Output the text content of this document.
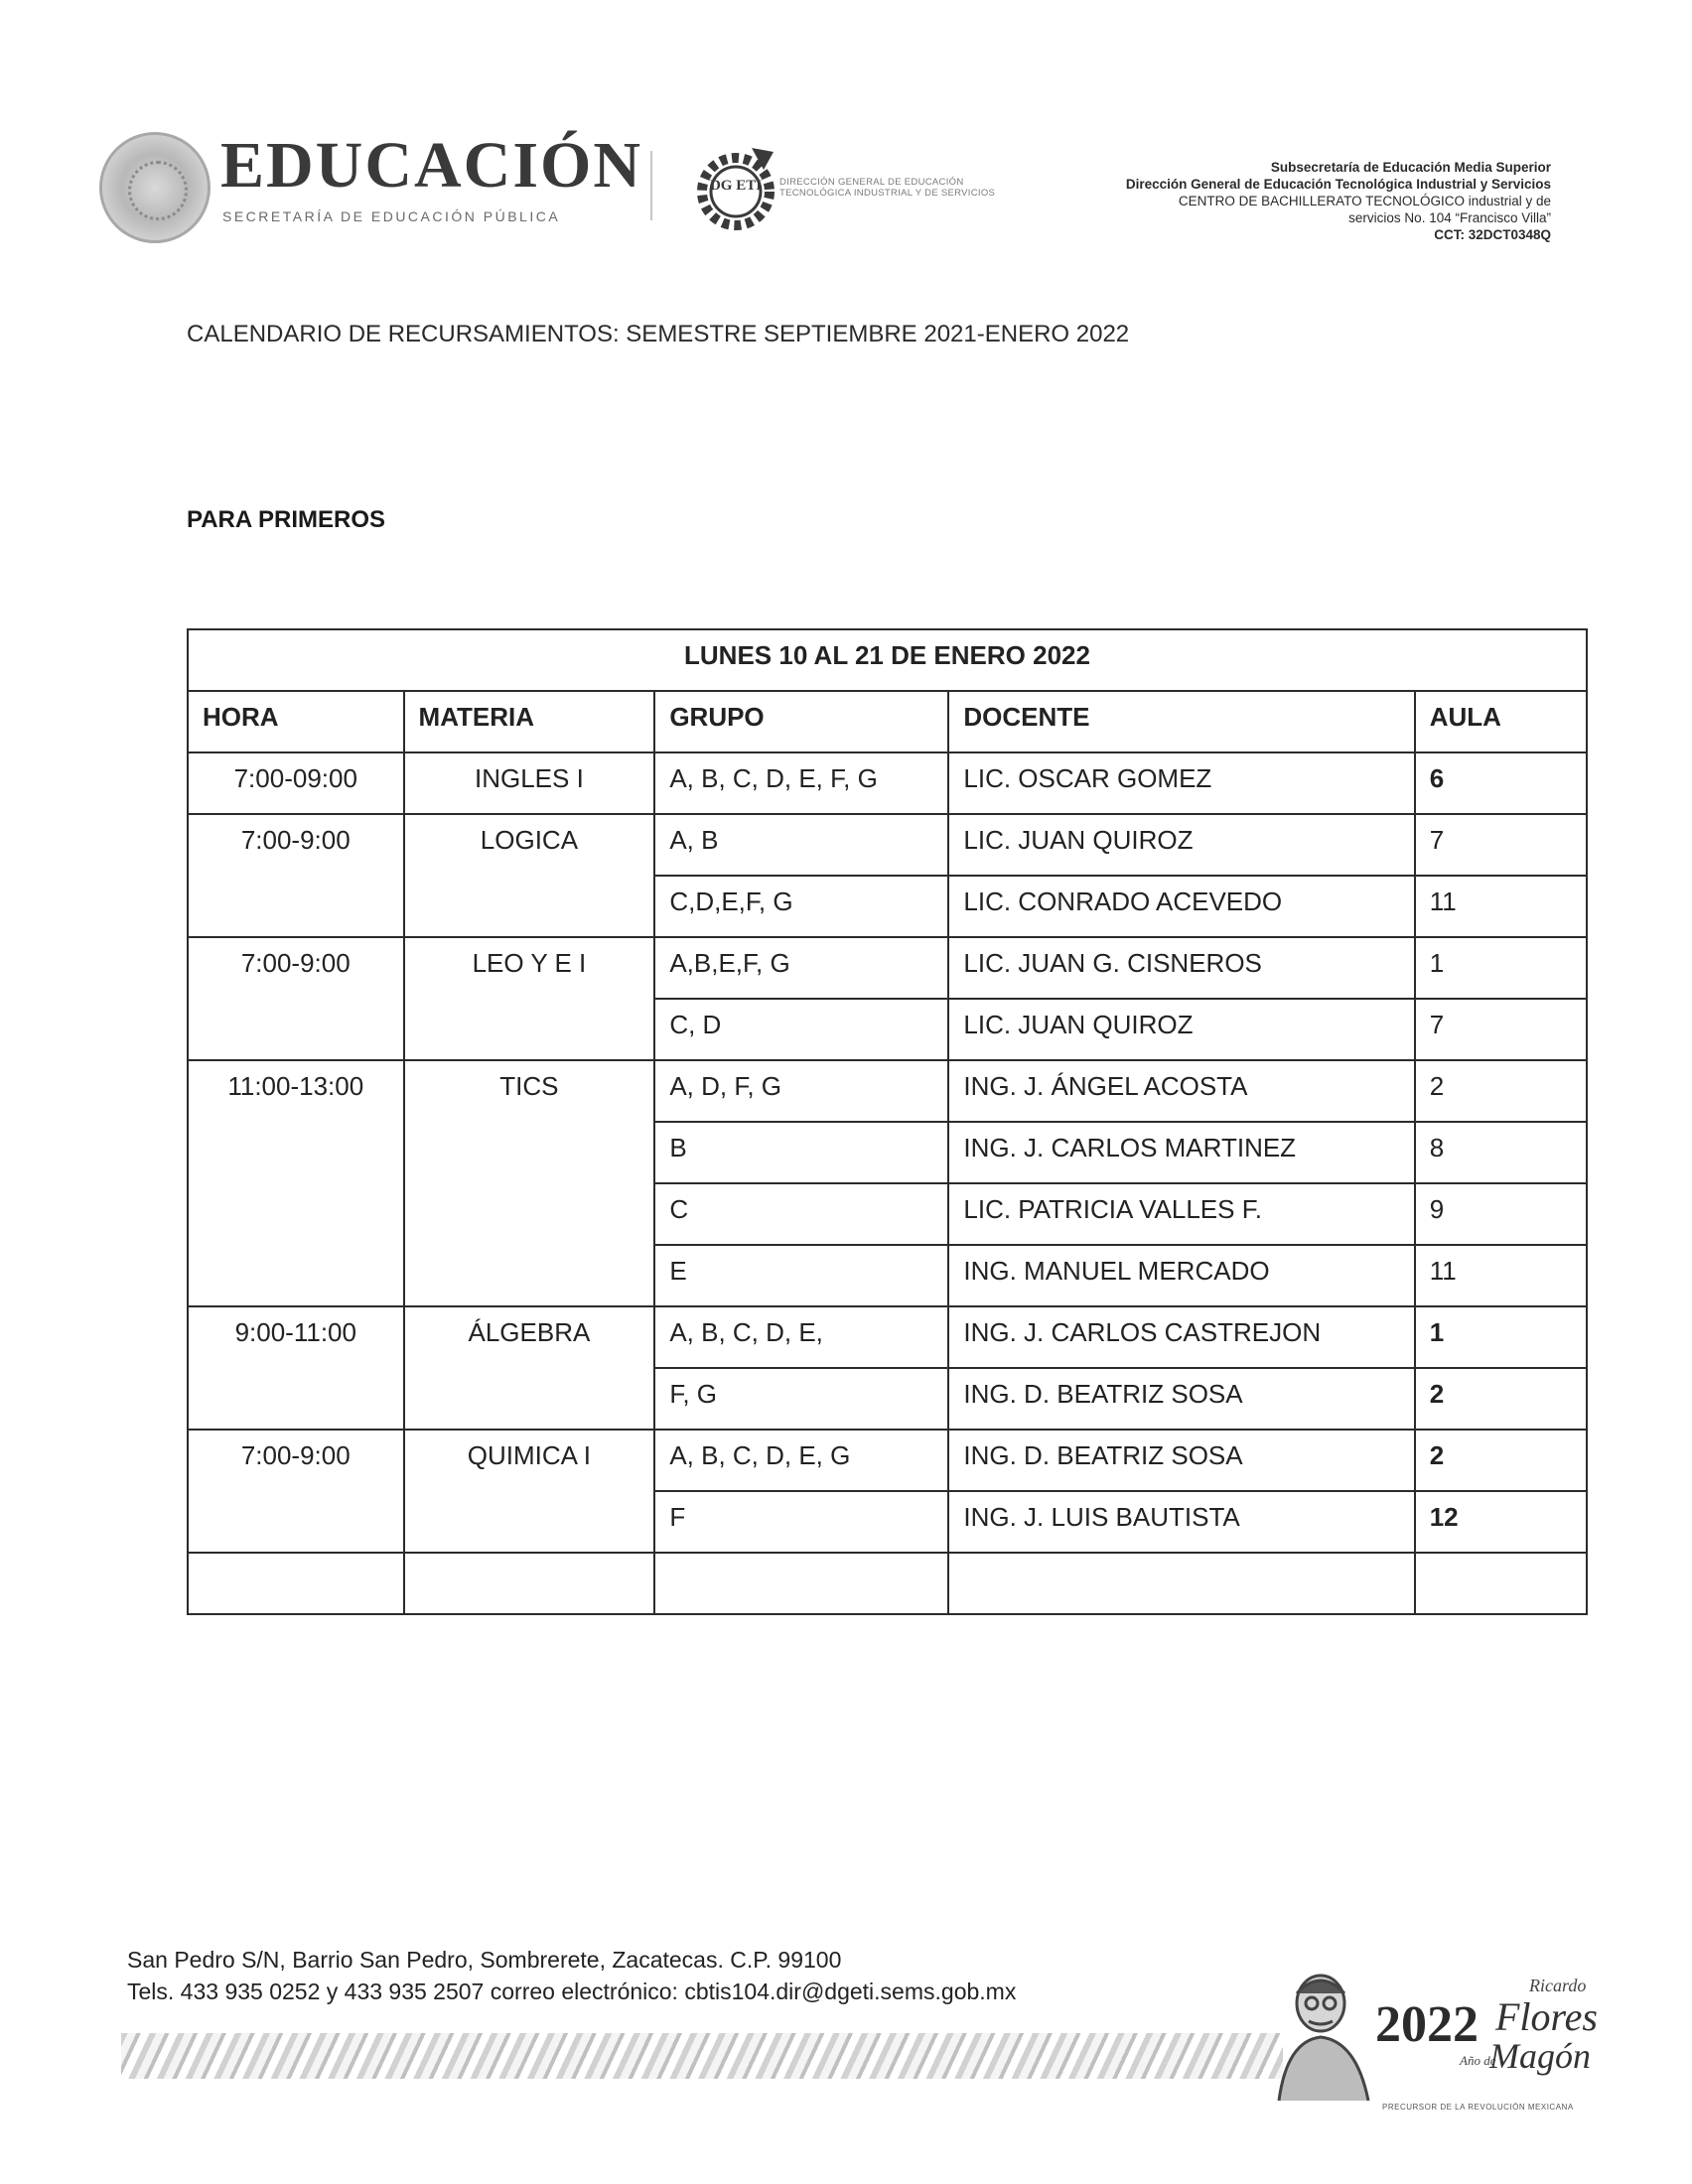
EDUCACIÓN
SECRETARÍA DE EDUCACIÓN PÚBLICA
DG ETI DIRECCIÓN GENERAL DE EDUCACIÓN
TECNOLÓGICA INDUSTRIAL Y DE SERVICIOS
Subsecretaría de Educación Media Superior
Dirección General de Educación Tecnológica Industrial y Servicios
CENTRO DE BACHILLERATO TECNOLÓGICO industrial y de
servicios No. 104 “Francisco Villa”
CCT: 32DCT0348Q
CALENDARIO DE RECURSAMIENTOS: SEMESTRE SEPTIEMBRE 2021-ENERO 2022
PARA PRIMEROS
LUNES 10 AL 21 DE ENERO 2022				

HORA	MATERIA	GRUPO	DOCENTE	AULA

7:00-09:00	INGLES I	A, B, C, D, E, F, G	LIC. OSCAR GOMEZ	6

7:00-9:00	LOGICA	A, B	LIC. JUAN QUIROZ	7

		C,D,E,F, G	LIC. CONRADO ACEVEDO	11

7:00-9:00	LEO Y E I	A,B,E,F, G	LIC. JUAN G. CISNEROS	1

		C, D	LIC. JUAN QUIROZ	7

11:00-13:00	TICS	A, D, F, G	ING. J. ÁNGEL ACOSTA	2

		B	ING. J. CARLOS MARTINEZ	8

		C	LIC. PATRICIA VALLES F.	9

		E	ING. MANUEL MERCADO	11

9:00-11:00	ÁLGEBRA	A, B, C, D, E,	ING. J. CARLOS CASTREJON	1

		F, G	ING. D. BEATRIZ SOSA	2

7:00-9:00	QUIMICA I	A, B, C, D, E, G	ING. D. BEATRIZ SOSA	2

		F	ING. J. LUIS BAUTISTA	12

San Pedro S/N, Barrio San Pedro, Sombrerete, Zacatecas. C.P. 99100
Tels. 433 935 0252 y 433 935 2507 correo electrónico: cbtis104.dir@dgeti.sems.gob.mx
2022
Ricardo
Flores
Año de
Magón
PRECURSOR DE LA REVOLUCIÓN MEXICANA
